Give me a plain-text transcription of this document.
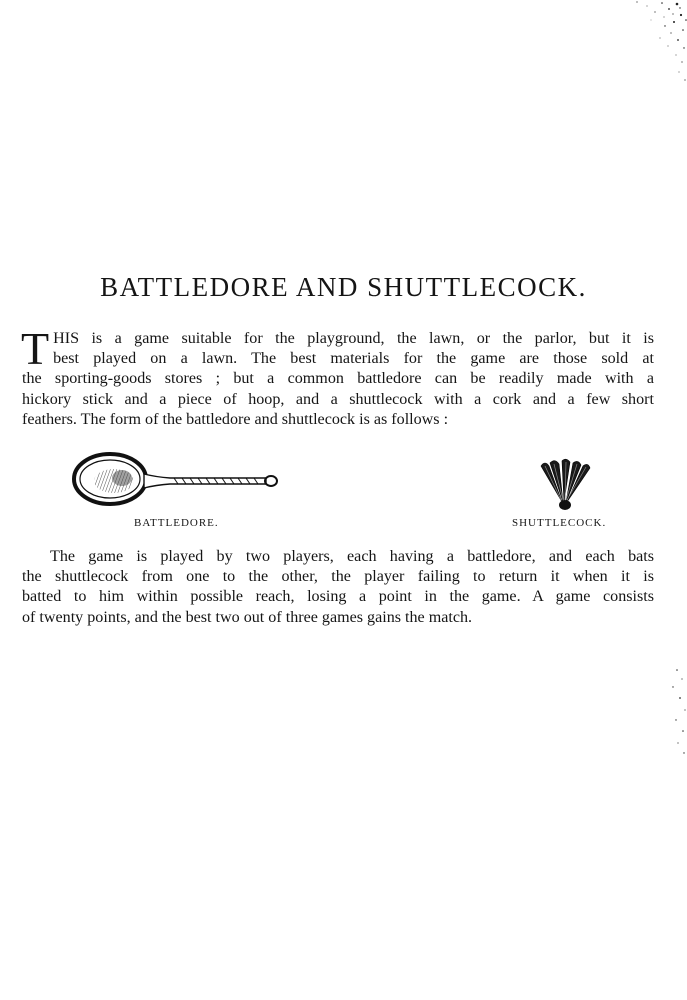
BATTLEDORE AND SHUTTLECOCK.
T HIS is a game suitable for the playground, the lawn, or the parlor, but it is
best played on a lawn. The best materials for the game are those sold at
the sporting-goods stores ; but a common battledore can be readily made with a
hickory stick and a piece of hoop, and a shuttlecock with a cork and a few short
feathers. The form of the battledore and shuttlecock is as follows :

BATTLEDORE.	SHUTTLECOCK.

The game is played by two players, each having a battledore, and each bats
the shuttlecock from one to the other, the player failing to return it when it is
batted to him within possible reach, losing a point in the game. A game consists
of twenty points, and the best two out of three games gains the match.
